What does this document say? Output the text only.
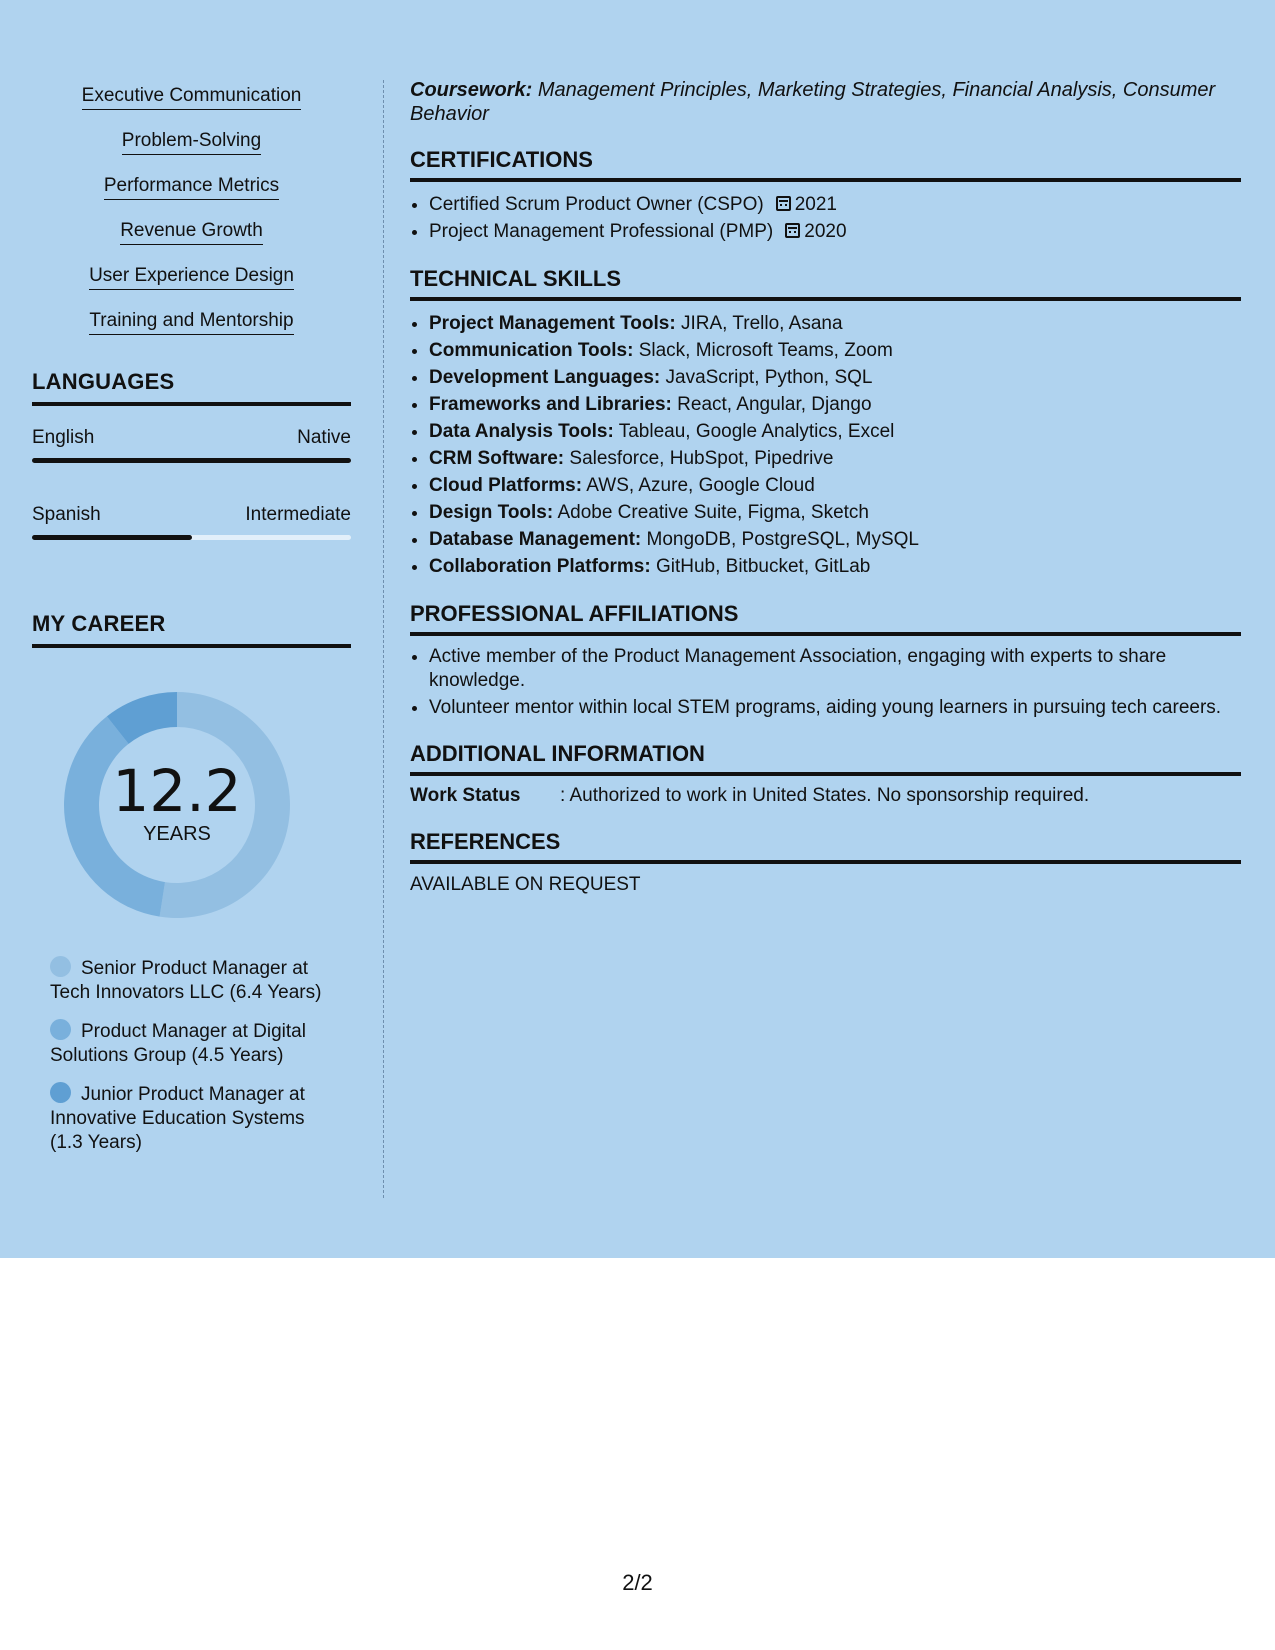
Executive Communication
Problem-Solving
Performance Metrics
Revenue Growth
User Experience Design
Training and Mentorship
LANGUAGES
English	Native
Spanish	Intermediate
MY CAREER
12.2
YEARS
Senior Product Manager at Tech Innovators LLC (6.4 Years)
Product Manager at Digital Solutions Group (4.5 Years)
Junior Product Manager at Innovative Education Systems (1.3 Years)
Coursework: Management Principles, Marketing Strategies, Financial Analysis, Consumer Behavior
CERTIFICATIONS
• Certified Scrum Product Owner (CSPO) 2021
• Project Management Professional (PMP) 2020
TECHNICAL SKILLS
• Project Management Tools: JIRA, Trello, Asana
• Communication Tools: Slack, Microsoft Teams, Zoom
• Development Languages: JavaScript, Python, SQL
• Frameworks and Libraries: React, Angular, Django
• Data Analysis Tools: Tableau, Google Analytics, Excel
• CRM Software: Salesforce, HubSpot, Pipedrive
• Cloud Platforms: AWS, Azure, Google Cloud
• Design Tools: Adobe Creative Suite, Figma, Sketch
• Database Management: MongoDB, PostgreSQL, MySQL
• Collaboration Platforms: GitHub, Bitbucket, GitLab
PROFESSIONAL AFFILIATIONS
• Active member of the Product Management Association, engaging with experts to share knowledge.
• Volunteer mentor within local STEM programs, aiding young learners in pursuing tech careers.
ADDITIONAL INFORMATION
Work Status : Authorized to work in United States. No sponsorship required.
REFERENCES
AVAILABLE ON REQUEST
2/2
